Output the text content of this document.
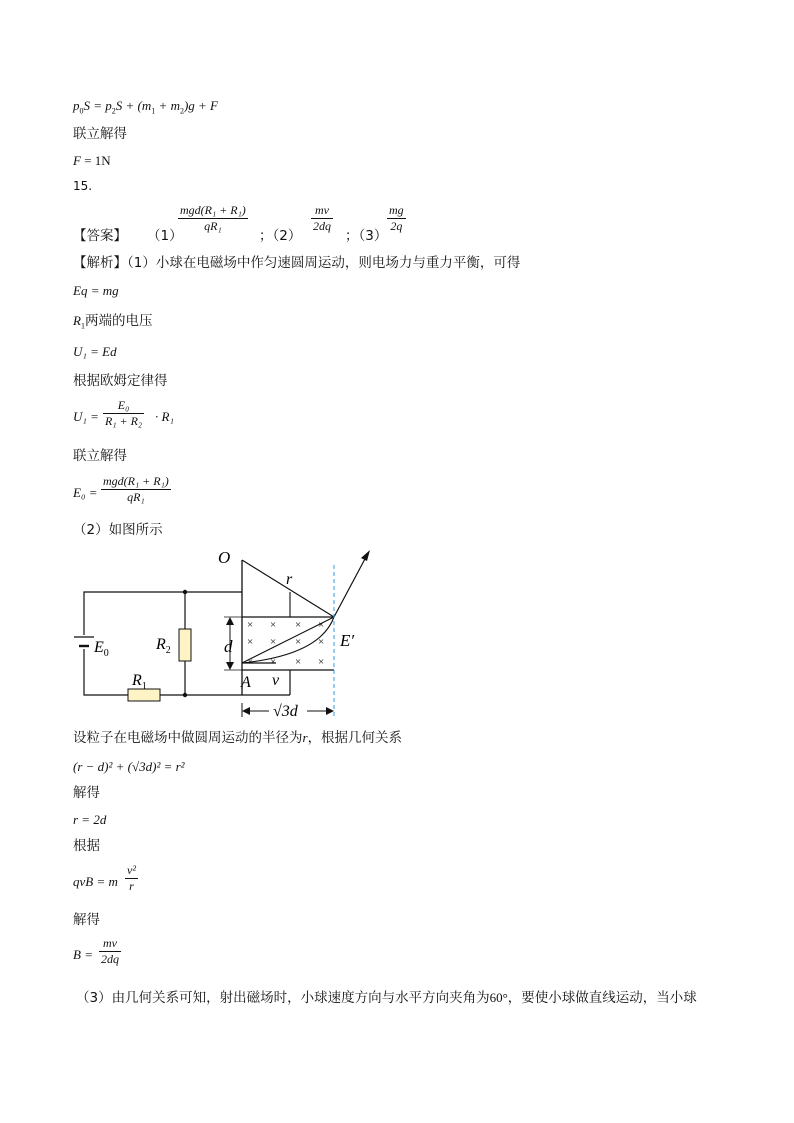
$p_0S = p_2S + (m_1 + m_2)g + F$
联立解得
F = 1N
15.
【答案】 （1）
mgd(R₁ + R₁)
qR₁
；（2）
$\frac{mv}{2dq}$
；（3）
$\frac{mg}{2q}$
【解析】（1）小球在电磁场中作匀速圆周运动，则电场力与重力平衡，可得
Eq = mg
$R_1$两端的电压
U₁ = Ed
根据欧姆定律得
$U_1 = \frac{\text{E₀}}{\text{R₁ + R₂}} \cdot R_1$
联立解得
E₀ =
mgd(R₁ + R₁)
qR₁
（2）如图所示
× × × ×
× × × ×
× × × ×
O
r
d
$R_2$
$E_0$
$R_1$	A v
E′
√3d
设粒子在电磁场中做圆周运动的半径为r，根据几何关系
(r − d)² + (√3d)² = r²
解得
r = 2d
根据
qvB = m $\frac{\text{v²}}{r}$
解得
$B = \frac{mv}{2dq}$
（3）由几何关系可知，射出磁场时，小球速度方向与水平方向夹角为60°，要使小球做直线运动，当小球
